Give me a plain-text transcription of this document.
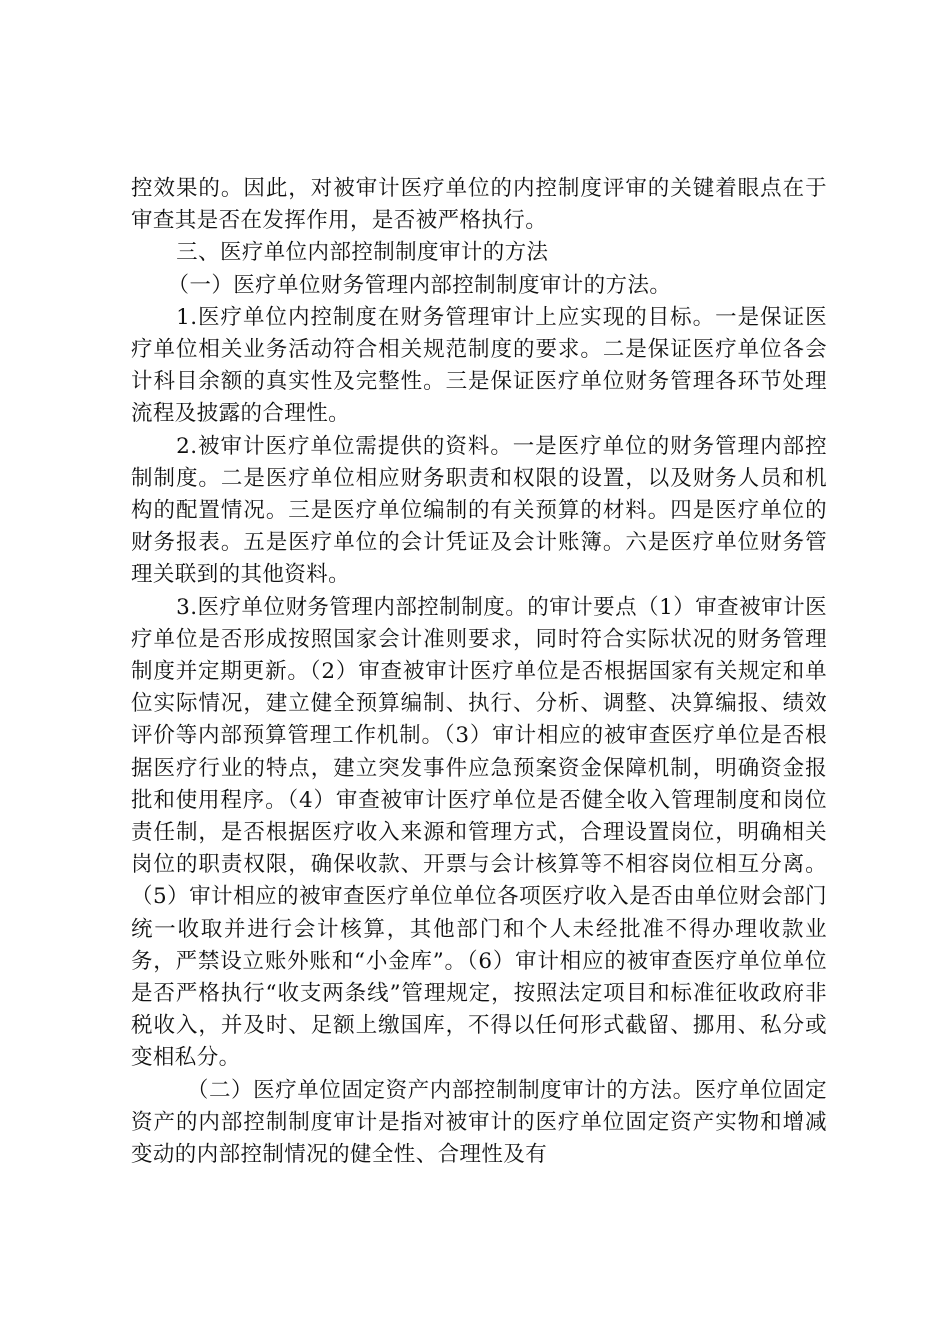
控效果的。因此，对被审计医疗单位的内控制度评审的关键着眼点在于审查其是否在发挥作用，是否被严格执行。

三、医疗单位内部控制制度审计的方法

（一）医疗单位财务管理内部控制制度审计的方法。

1.医疗单位内控制度在财务管理审计上应实现的目标。一是保证医疗单位相关业务活动符合相关规范制度的要求。二是保证医疗单位各会计科目余额的真实性及完整性。三是保证医疗单位财务管理各环节处理流程及披露的合理性。

2.被审计医疗单位需提供的资料。一是医疗单位的财务管理内部控制制度。二是医疗单位相应财务职责和权限的设置，以及财务人员和机构的配置情况。三是医疗单位编制的有关预算的材料。四是医疗单位的财务报表。五是医疗单位的会计凭证及会计账簿。六是医疗单位财务管理关联到的其他资料。

3.医疗单位财务管理内部控制制度。的审计要点（1）审查被审计医疗单位是否形成按照国家会计准则要求，同时符合实际状况的财务管理制度并定期更新。（2）审查被审计医疗单位是否根据国家有关规定和单位实际情况，建立健全预算编制、执行、分析、调整、决算编报、绩效评价等内部预算管理工作机制。（3）审计相应的被审查医疗单位是否根据医疗行业的特点，建立突发事件应急预案资金保障机制，明确资金报批和使用程序。（4）审查被审计医疗单位是否健全收入管理制度和岗位责任制，是否根据医疗收入来源和管理方式，合理设置岗位，明确相关岗位的职责权限，确保收款、开票与会计核算等不相容岗位相互分离。（5）审计相应的被审查医疗单位单位各项医疗收入是否由单位财会部门统一收取并进行会计核算，其他部门和个人未经批准不得办理收款业务，严禁设立账外账和“小金库”。（6）审计相应的被审查医疗单位单位是否严格执行“收支两条线”管理规定，按照法定项目和标准征收政府非税收入，并及时、足额上缴国库，不得以任何形式截留、挪用、私分或变相私分。

（二）医疗单位固定资产内部控制制度审计的方法。医疗单位固定资产的内部控制制度审计是指对被审计的医疗单位固定资产实物和增减变动的内部控制情况的健全性、合理性及有
